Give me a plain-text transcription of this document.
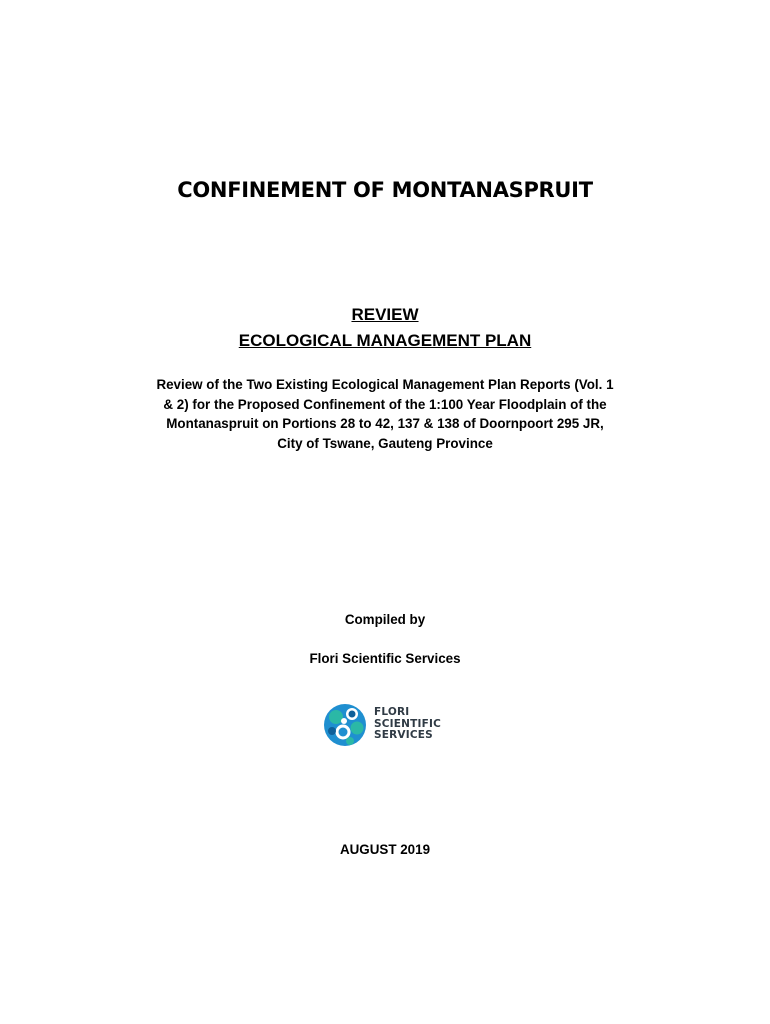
CONFINEMENT OF MONTANASPRUIT
REVIEW
ECOLOGICAL MANAGEMENT PLAN
Review of the Two Existing Ecological Management Plan Reports (Vol. 1
& 2) for the Proposed Confinement of the 1:100 Year Floodplain of the
Montanaspruit on Portions 28 to 42, 137 & 138 of Doornpoort 295 JR,
City of Tswane, Gauteng Province
Compiled by
Flori Scientific Services
FLORI
SCIENTIFIC
SERVICES
AUGUST 2019
